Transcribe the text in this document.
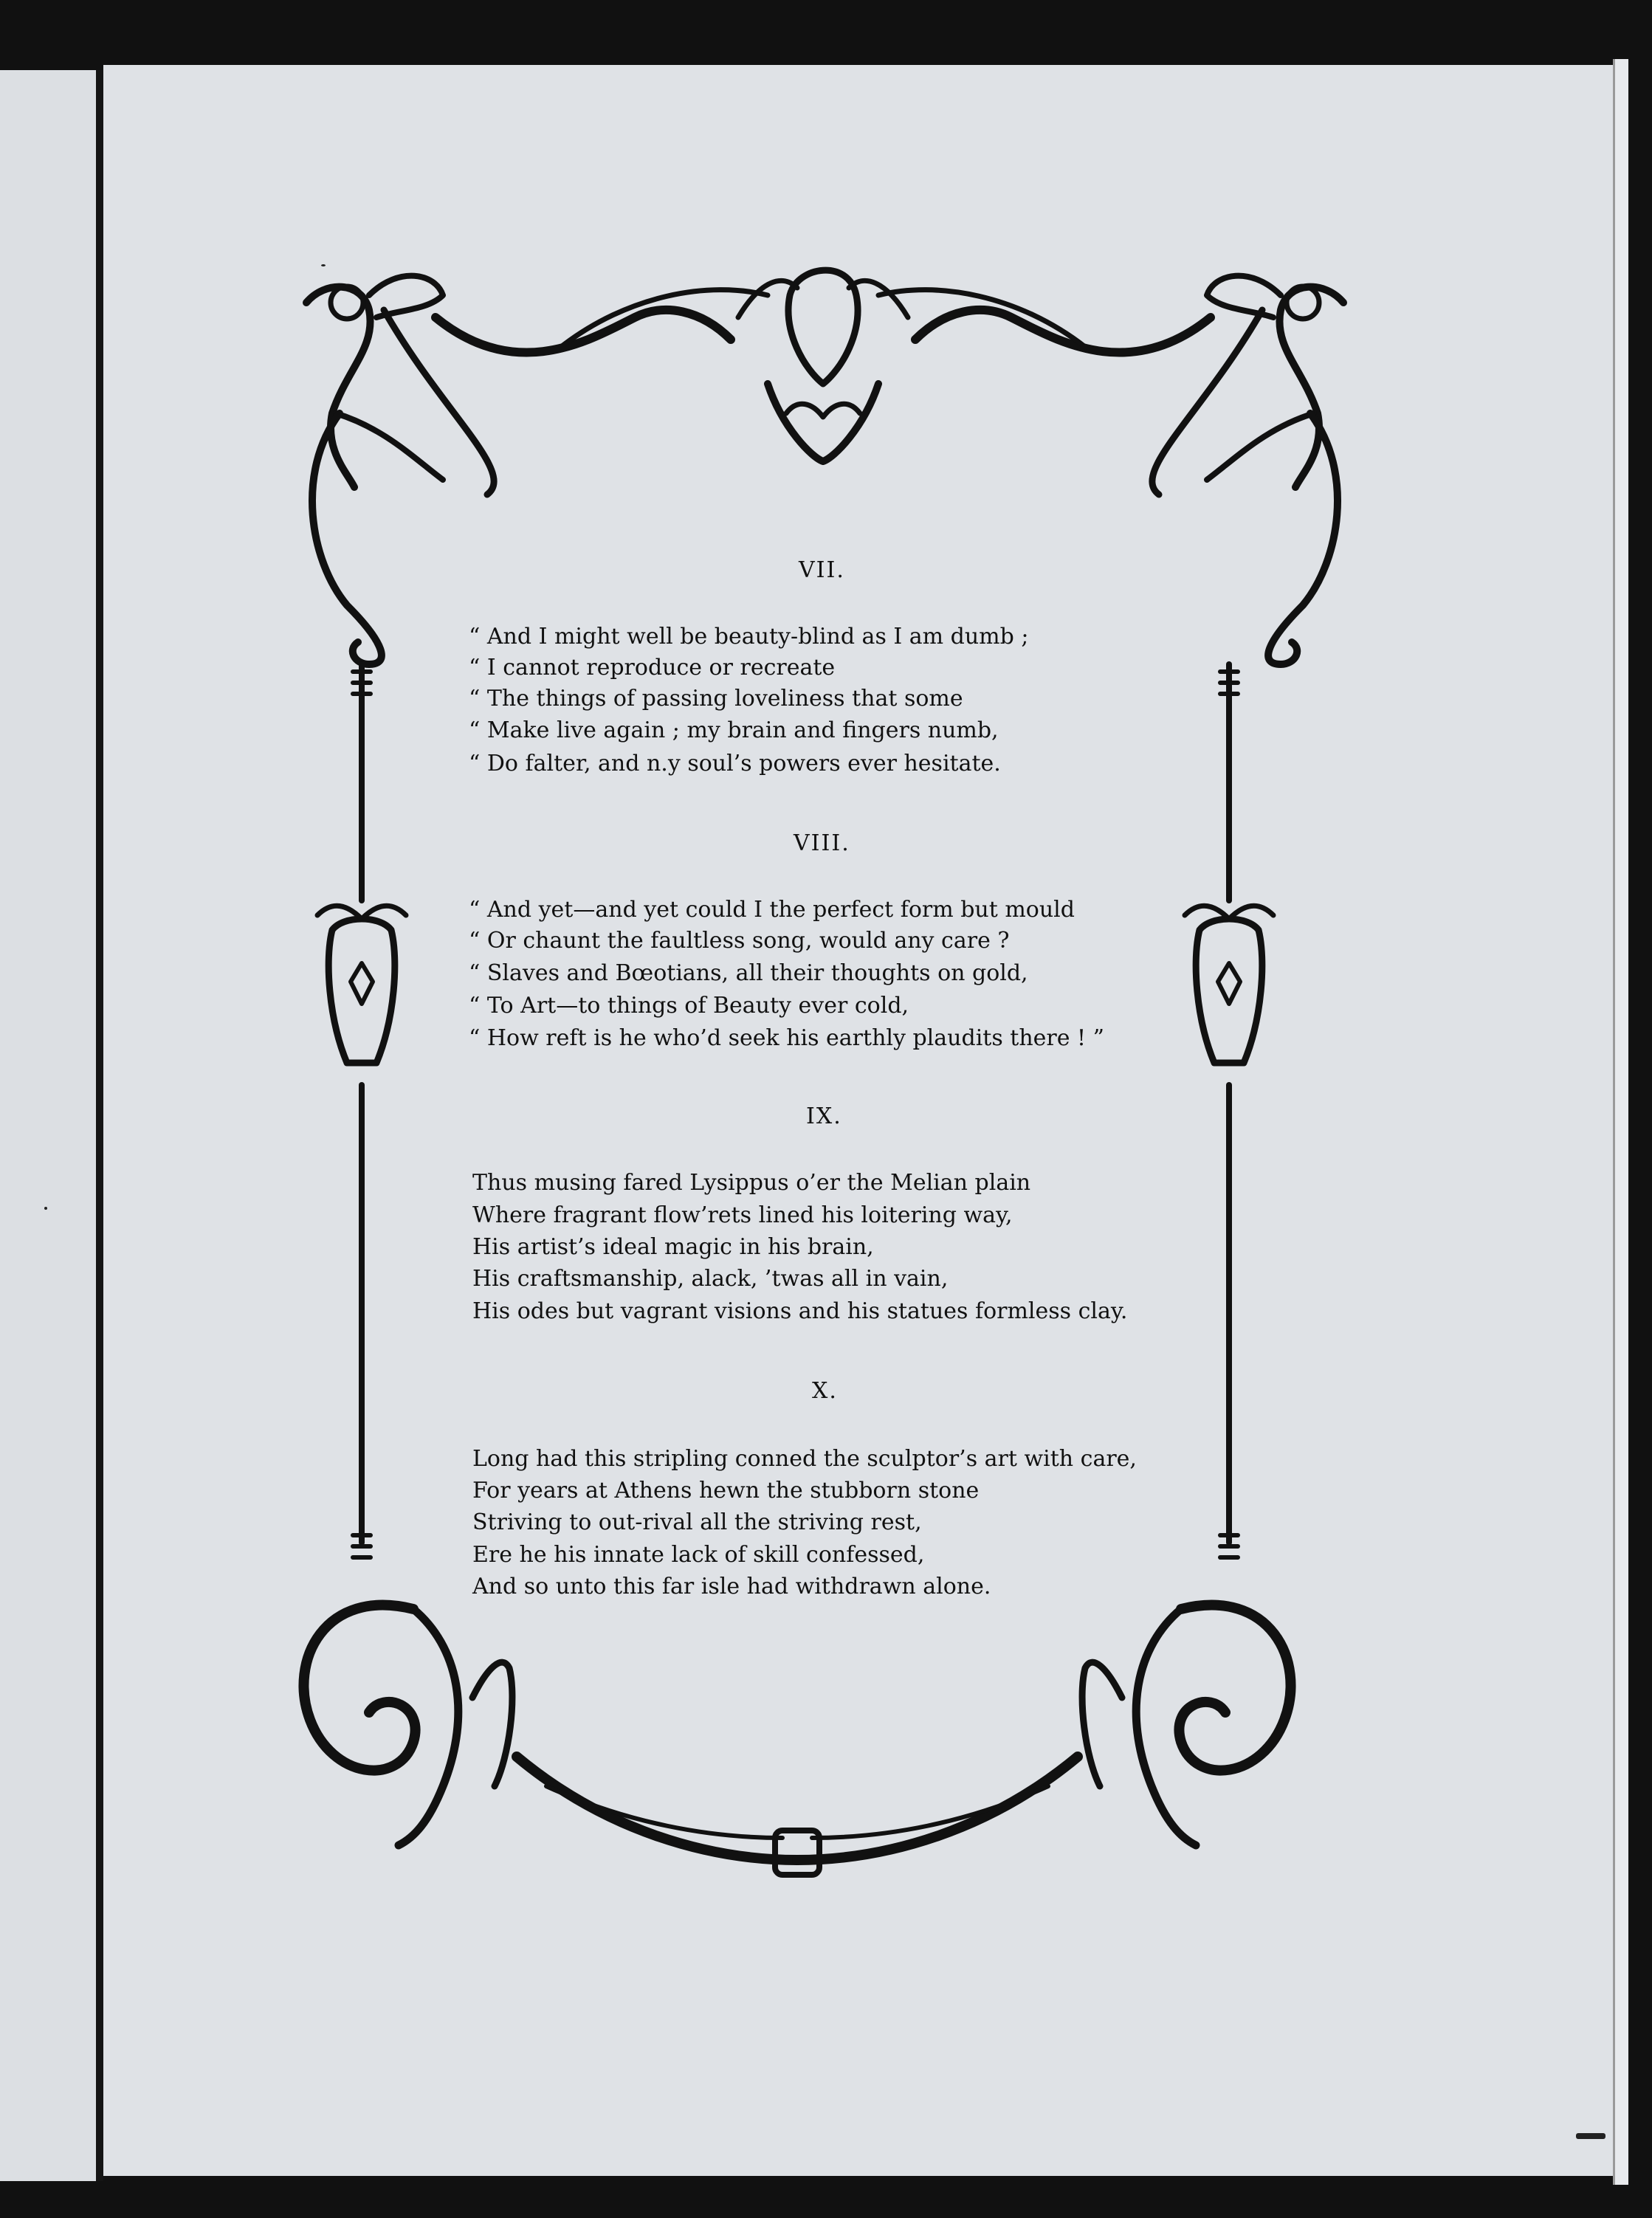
VII.
“ And I might well be beauty-blind as I am dumb ;
“ I cannot reproduce or recreate
“ The things of passing loveliness that some
“ Make live again ; my brain and fingers numb,
“ Do falter, and n.y soul’s powers ever hesitate.
VIII.
“ And yet—and yet could I the perfect form but mould
“ Or chaunt the faultless song, would any care ?
“ Slaves and Bœotians, all their thoughts on gold,
“ To Art—to things of Beauty ever cold,
“ How reft is he who’d seek his earthly plaudits there ! ”
IX.
Thus musing fared Lysippus o’er the Melian plain
Where fragrant flow’rets lined his loitering way,
His artist’s ideal magic in his brain,
His craftsmanship, alack, ’twas all in vain,
His odes but vagrant visions and his statues formless clay.
X.
Long had this stripling conned the sculptor’s art with care,
For years at Athens hewn the stubborn stone
Striving to out-rival all the striving rest,
Ere he his innate lack of skill confessed,
And so unto this far isle had withdrawn alone.
